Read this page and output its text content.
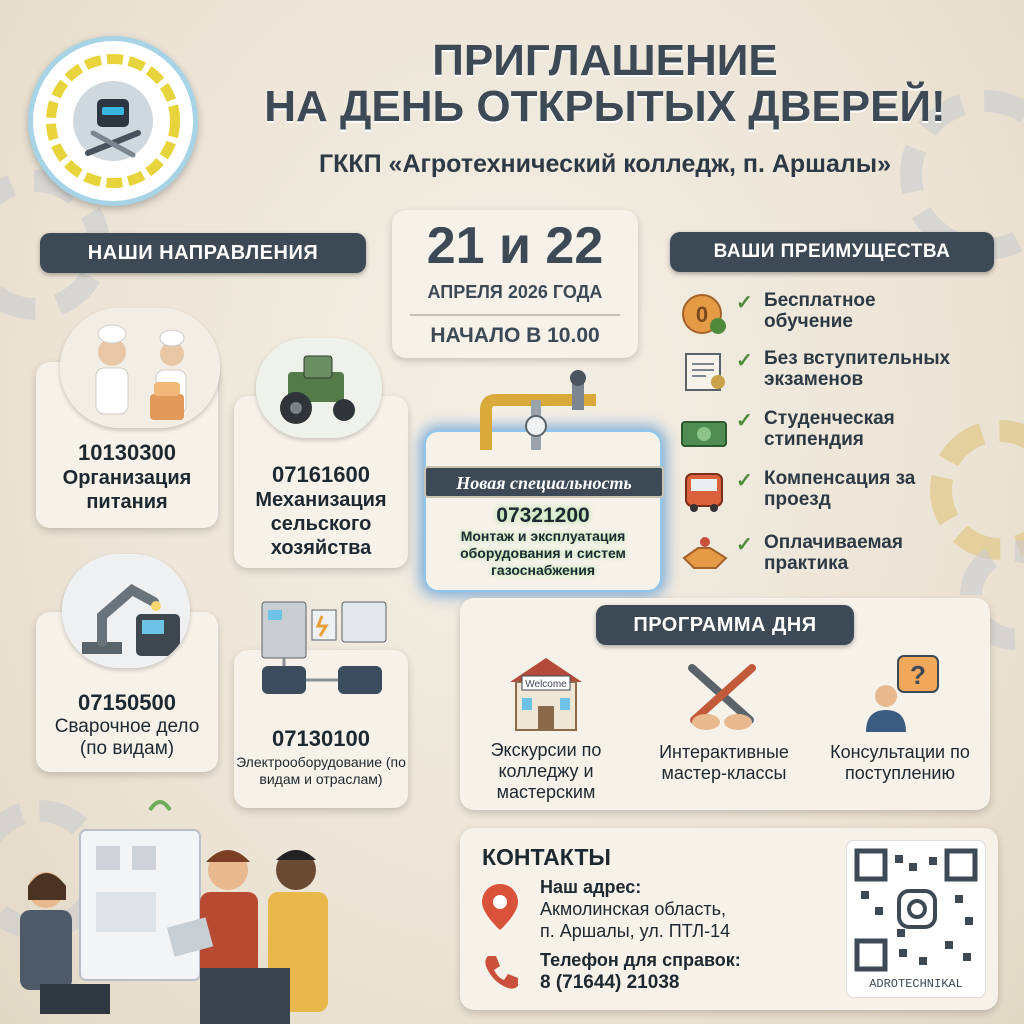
ПРИГЛАШЕНИЕ
НА ДЕНЬ ОТКРЫТЫХ ДВЕРЕЙ!
ГККП «Агротехнический колледж, п. Аршалы»
21 и 22
АПРЕЛЯ 2026 ГОДА
НАЧАЛО В 10.00
НАШИ НАПРАВЛЕНИЯ
10130300
Организация питания
07161600
Механизация сельского хозяйства
07150500
Сварочное дело (по видам)	07130100
Электрооборудование (по видам и отраслам)
07321200
Монтаж и эксплуатация оборудования и систем газоснабжения
Новая специальность
ВАШИ ПРЕИМУЩЕСТВА
0 ✓ Бесплатное обучение
✓ Без вступительных экзаменов
✓ Студенческая стипендия
✓ Компенсация за проезд
✓ Оплачиваемая практика
ПРОГРАММА ДНЯ
Welcome	?
Экскурсии по колледжу и мастерским
Интерактивные мастер-классы
Консультации по поступлению
КОНТАКТЫ
Наш адрес:
Акмолинская область,
п. Аршалы, ул. ПТЛ-14
Телефон для справок:
8 (71644) 21038	ADROTECHNIKAL
